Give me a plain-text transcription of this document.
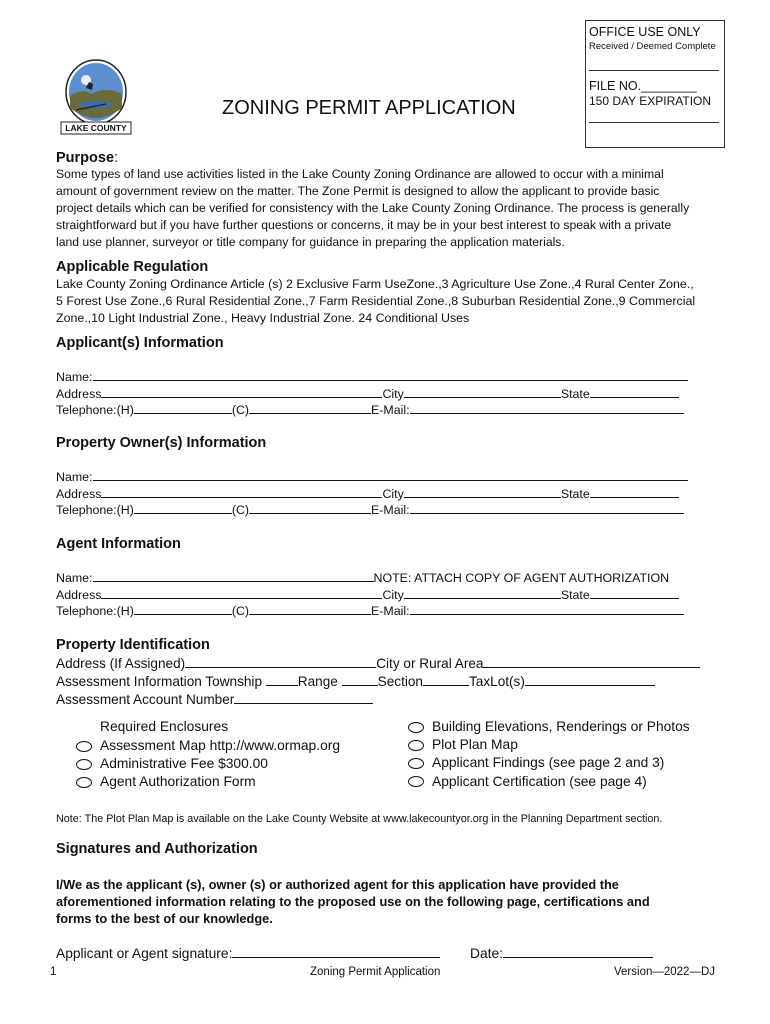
OFFICE USE ONLY
Received / Deemed Complete
FILE NO.________
150 DAY EXPIRATION
LAKE COUNTY
ZONING PERMIT APPLICATION
Purpose:
Some types of land use activities listed in the Lake County Zoning Ordinance are allowed to occur with a minimal
amount of government review on the matter. The Zone Permit is designed to allow the applicant to provide basic
project details which can be verified for consistency with the Lake County Zoning Ordinance. The process is generally
straightforward but if you have further questions or concerns, it may be in your best interest to speak with a private
land use planner, surveyor or title company for guidance in preparing the application materials.
Applicable Regulation
Lake County Zoning Ordinance Article (s) 2 Exclusive Farm UseZone.,3 Agriculture Use Zone.,4 Rural Center Zone.,
5 Forest Use Zone.,6 Rural Residential Zone.,7 Farm Residential Zone.,8 Suburban Residential Zone.,9 Commercial
Zone.,10 Light Industrial Zone., Heavy Industrial Zone. 24 Conditional Uses
Applicant(s) Information
Name:
Address	City	State
Telephone:(H)	(C)	E-Mail:
Property Owner(s) Information
Name:
Address	City	State
Telephone:(H)	(C)	E-Mail:
Agent Information
Name:	NOTE: ATTACH COPY OF AGENT AUTHORIZATION
Address	City	State
Telephone:(H)	(C)	E-Mail:
Property Identification
Address (If Assigned)	City or Rural Area
Assessment Information Township Range	Section	TaxLot(s)
Assessment Account Number
Required Enclosures
Assessment Map http://www.ormap.org
Administrative Fee $300.00
Agent Authorization Form
Building Elevations, Renderings or Photos
Plot Plan Map
Applicant Findings (see page 2 and 3)
Applicant Certification (see page 4)
Note: The Plot Plan Map is available on the Lake County Website at www.lakecountyor.org in the Planning Department section.
Signatures and Authorization
I/We as the applicant (s), owner (s) or authorized agent for this application have provided the
aforementioned information relating to the proposed use on the following page, certifications and
forms to the best of our knowledge.
Applicant or Agent signature:	Date:
1	Zoning Permit Application	Version—2022—DJ
